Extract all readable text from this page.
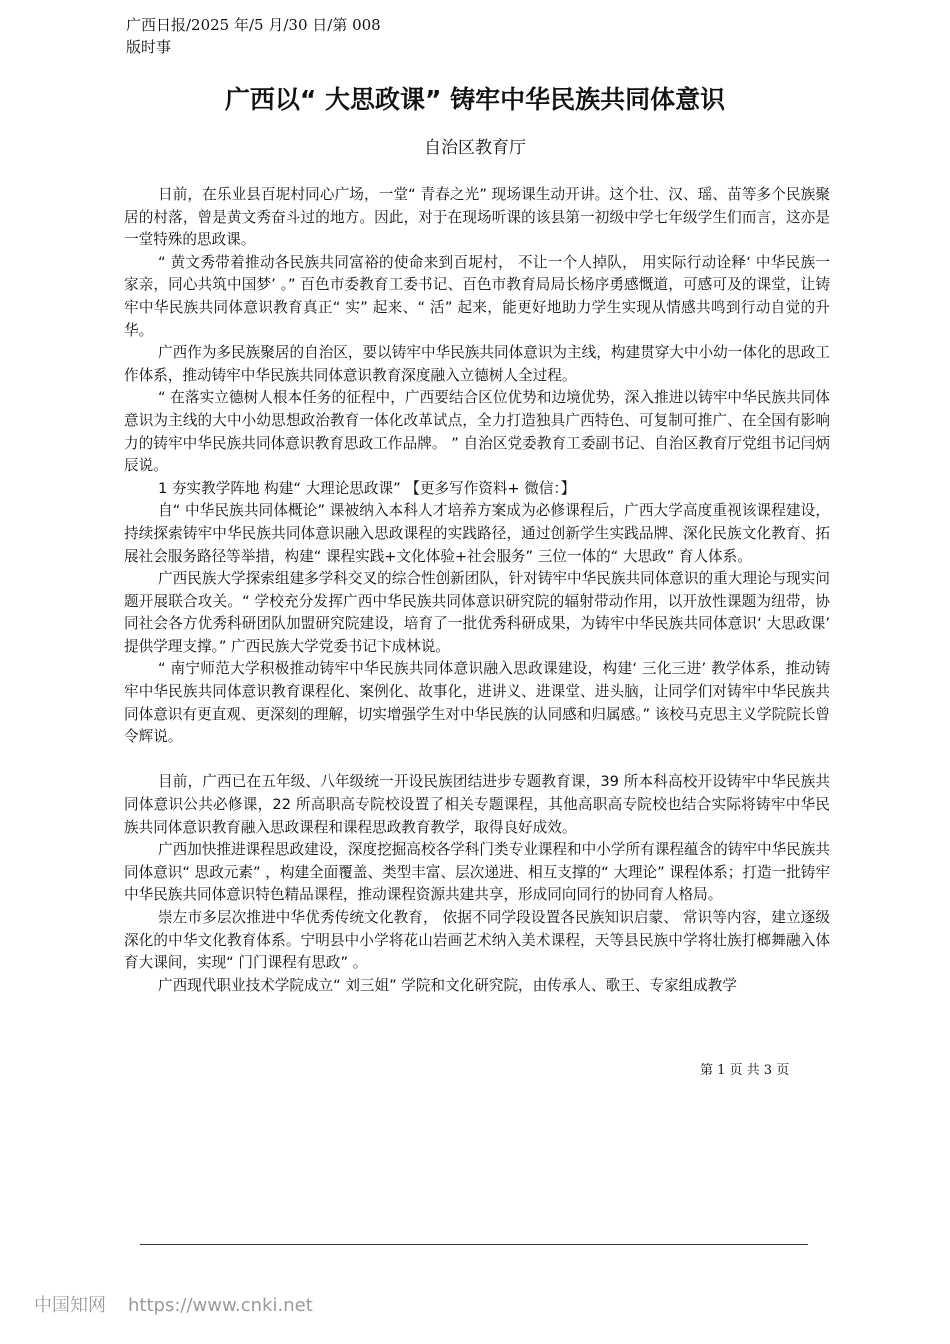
广西日报/2025 年/5 月/30 日/第 008
版时事
广西以“ 大思政课” 铸牢中华民族共同体意识
自治区教育厅

日前，在乐业县百坭村同心广场，一堂“ 青春之光” 现场课生动开讲。这个壮、汉、瑶、苗等多个民族聚居的村落，曾是黄文秀奋斗过的地方。因此，对于在现场听课的该县第一初级中学七年级学生们而言，这亦是一堂特殊的思政课。

“ 黄文秀带着推动各民族共同富裕的使命来到百坭村， 不让一个人掉队， 用实际行动诠释‘ 中华民族一家亲，同心共筑中国梦’ 。” 百色市委教育工委书记、百色市教育局局长杨序勇感慨道，可感可及的课堂，让铸牢中华民族共同体意识教育真正“ 实” 起来、“ 活” 起来，能更好地助力学生实现从情感共鸣到行动自觉的升华。

广西作为多民族聚居的自治区，要以铸牢中华民族共同体意识为主线，构建贯穿大中小幼一体化的思政工作体系，推动铸牢中华民族共同体意识教育深度融入立德树人全过程。

“ 在落实立德树人根本任务的征程中，广西要结合区位优势和边境优势，深入推进以铸牢中华民族共同体意识为主线的大中小幼思想政治教育一体化改革试点，全力打造独具广西特色、可复制可推广、在全国有影响力的铸牢中华民族共同体意识教育思政工作品牌。 ” 自治区党委教育工委副书记、自治区教育厅党组书记闫炳辰说。

1 夯实教学阵地 构建“ 大理论思政课” 【更多写作资料+ 微信：】

自“ 中华民族共同体概论” 课被纳入本科人才培养方案成为必修课程后，广西大学高度重视该课程建设，持续探索铸牢中华民族共同体意识融入思政课程的实践路径，通过创新学生实践品牌、深化民族文化教育、拓展社会服务路径等举措，构建“ 课程实践+文化体验+社会服务” 三位一体的“ 大思政” 育人体系。

广西民族大学探索组建多学科交叉的综合性创新团队，针对铸牢中华民族共同体意识的重大理论与现实问题开展联合攻关。“ 学校充分发挥广西中华民族共同体意识研究院的辐射带动作用，以开放性课题为纽带，协同社会各方优秀科研团队加盟研究院建设，培育了一批优秀科研成果，为铸牢中华民族共同体意识‘ 大思政课’ 提供学理支撑。” 广西民族大学党委书记卞成林说。

“ 南宁师范大学积极推动铸牢中华民族共同体意识融入思政课建设，构建‘ 三化三进’ 教学体系，推动铸牢中华民族共同体意识教育课程化、案例化、故事化，进讲义、进课堂、进头脑，让同学们对铸牢中华民族共同体意识有更直观、更深刻的理解，切实增强学生对中华民族的认同感和归属感。” 该校马克思主义学院院长曾令辉说。

目前，广西已在五年级、八年级统一开设民族团结进步专题教育课，39 所本科高校开设铸牢中华民族共同体意识公共必修课，22 所高职高专院校设置了相关专题课程，其他高职高专院校也结合实际将铸牢中华民族共同体意识教育融入思政课程和课程思政教育教学，取得良好成效。

广西加快推进课程思政建设，深度挖掘高校各学科门类专业课程和中小学所有课程蕴含的铸牢中华民族共同体意识“ 思政元素” ，构建全面覆盖、类型丰富、层次递进、相互支撑的“ 大理论” 课程体系；打造一批铸牢中华民族共同体意识特色精品课程，推动课程资源共建共享，形成同向同行的协同育人格局。

崇左市多层次推进中华优秀传统文化教育， 依据不同学段设置各民族知识启蒙、 常识等内容，建立逐级深化的中华文化教育体系。宁明县中小学将花山岩画艺术纳入美术课程，天等县民族中学将壮族打榔舞融入体育大课间，实现“ 门门课程有思政” 。

广西现代职业技术学院成立“ 刘三姐” 学院和文化研究院，由传承人、歌王、专家组成教学

第 1 页 共 3 页
中国知网 https://www.cnki.net
